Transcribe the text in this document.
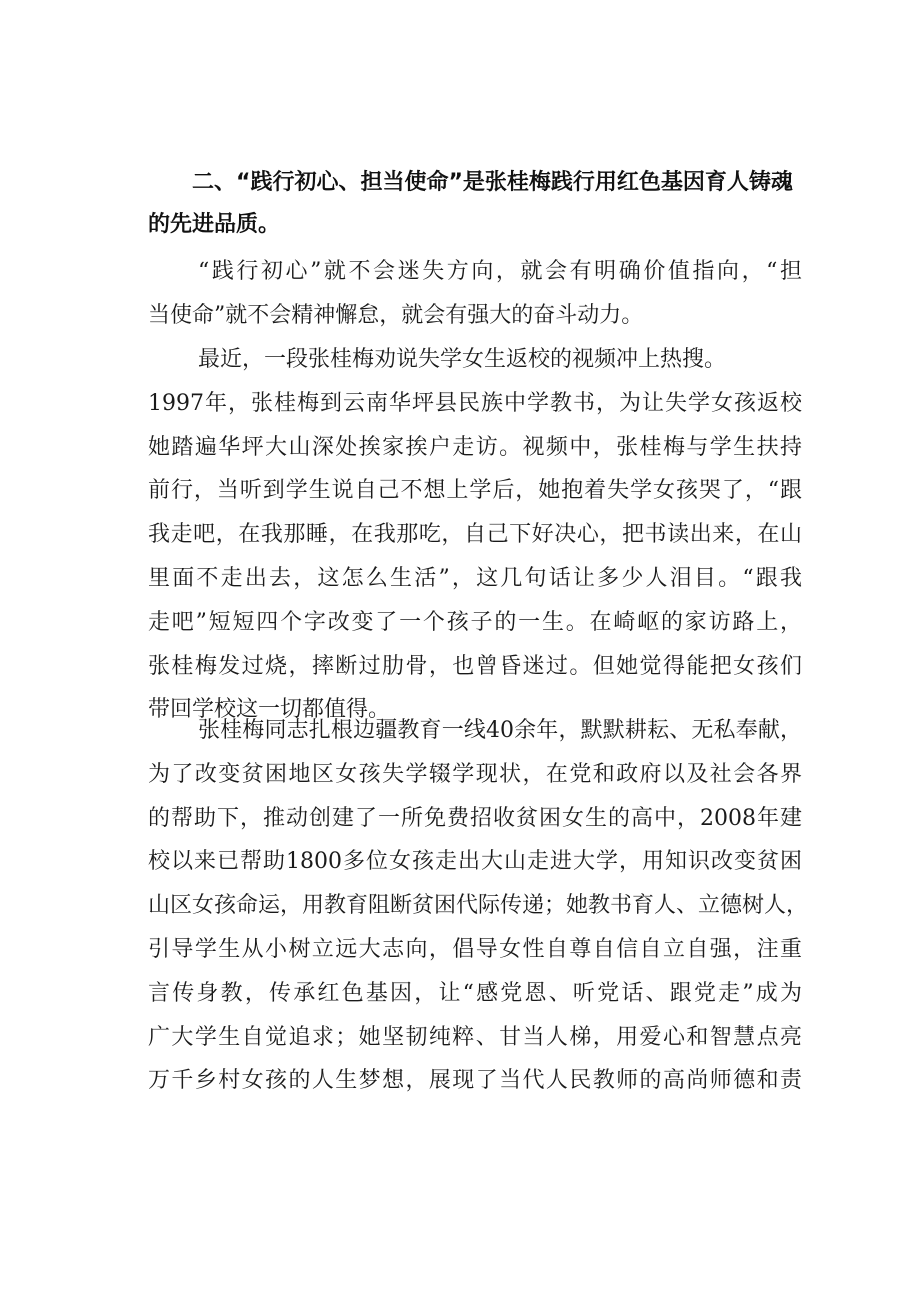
二、“践行初心、担当使命”是张桂梅践行用红色基因育人铸魂
的先进品质。
“践行初心”就不会迷失方向，就会有明确价值指向，“担
当使命”就不会精神懈怠，就会有强大的奋斗动力。
最近，一段张桂梅劝说失学女生返校的视频冲上热搜。
1997年，张桂梅到云南华坪县民族中学教书，为让失学女孩返校
她踏遍华坪大山深处挨家挨户走访。视频中，张桂梅与学生扶持
前行，当听到学生说自己不想上学后，她抱着失学女孩哭了，“跟
我走吧，在我那睡，在我那吃，自己下好决心，把书读出来，在山
里面不走出去，这怎么生活”，这几句话让多少人泪目。“跟我
走吧”短短四个字改变了一个孩子的一生。在崎岖的家访路上，
张桂梅发过烧，摔断过肋骨，也曾昏迷过。但她觉得能把女孩们
带回学校这一切都值得。
张桂梅同志扎根边疆教育一线40余年，默默耕耘、无私奉献，
为了改变贫困地区女孩失学辍学现状，在党和政府以及社会各界
的帮助下，推动创建了一所免费招收贫困女生的高中，2008年建
校以来已帮助1800多位女孩走出大山走进大学，用知识改变贫困
山区女孩命运，用教育阻断贫困代际传递；她教书育人、立德树人，
引导学生从小树立远大志向，倡导女性自尊自信自立自强，注重
言传身教，传承红色基因，让“感党恩、听党话、跟党走”成为
广大学生自觉追求；她坚韧纯粹、甘当人梯，用爱心和智慧点亮
万千乡村女孩的人生梦想，展现了当代人民教师的高尚师德和责
